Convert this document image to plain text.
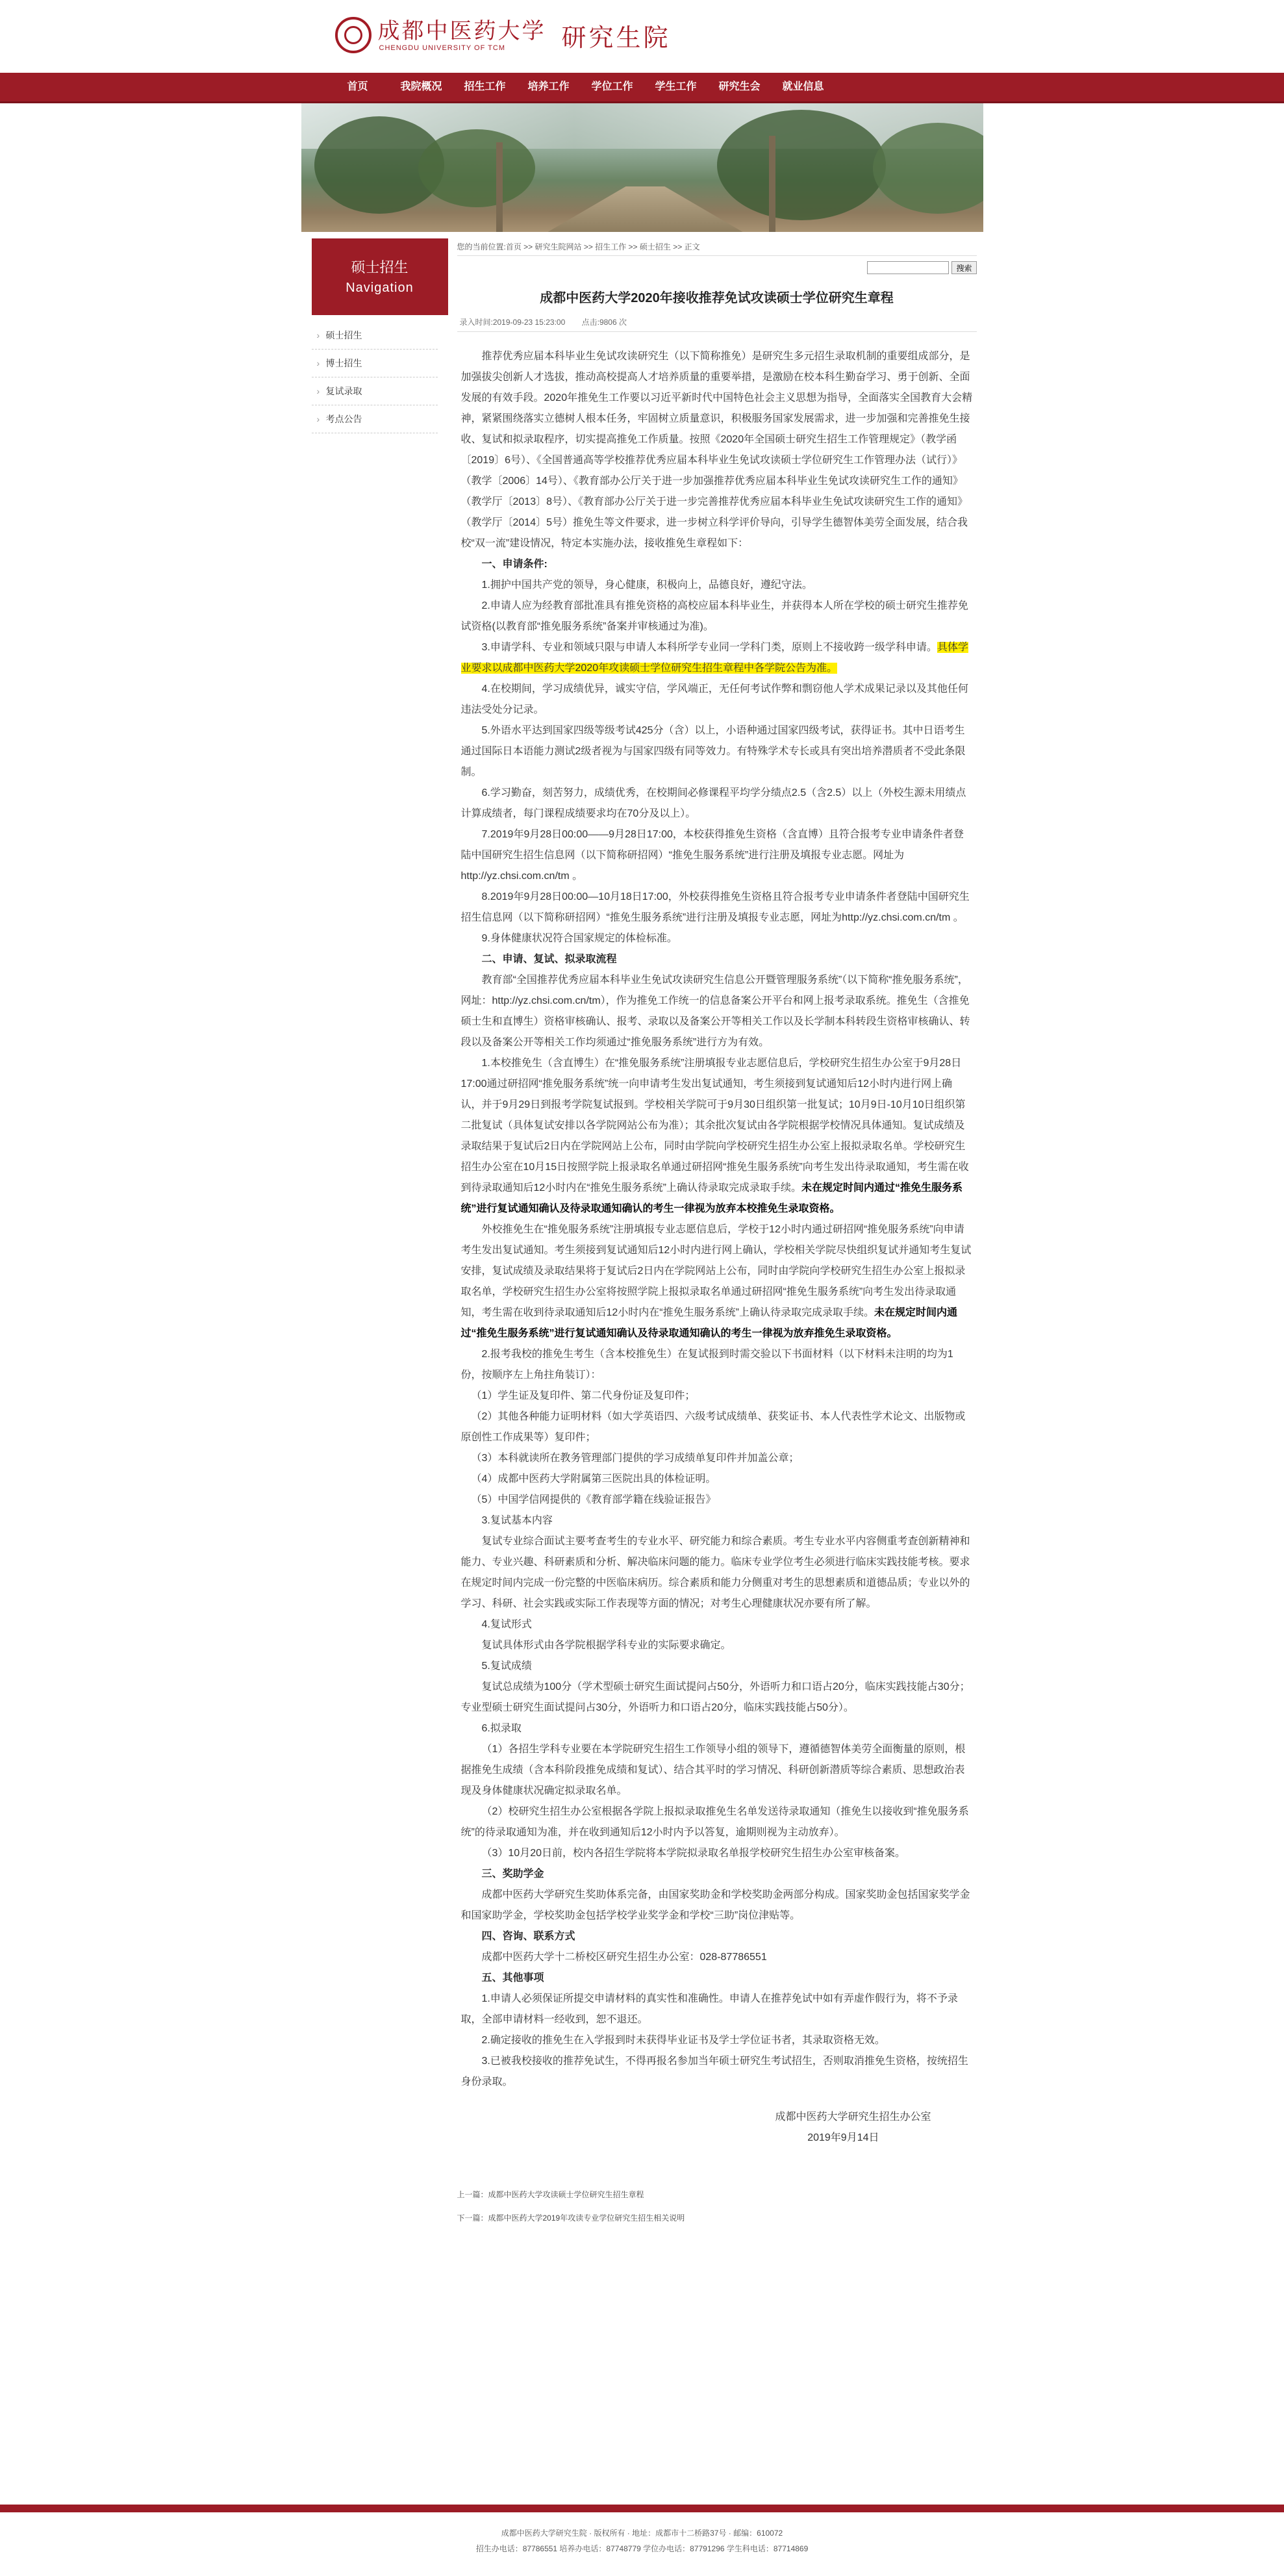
成都中医药大学
CHENGDU UNIVERSITY OF TCM	研究生院
首页	我院概况	招生工作	培养工作	学位工作	学生工作	研究生会	就业信息
硕士招生
Navigation
› 硕士招生
› 博士招生
› 复试录取
› 考点公告
您的当前位置:首页 >> 研究生院网站 >> 招生工作 >> 硕士招生 >> 正文
搜索
成都中医药大学2020年接收推荐免试攻读硕士学位研究生章程
录入时间:2019-09-23 15:23:00 点击:9806 次

推荐优秀应届本科毕业生免试攻读研究生（以下简称推免）是研究生多元招生录取机制的重要组成部分，是加强拔尖创新人才选拔，推动高校提高人才培养质量的重要举措，是激励在校本科生勤奋学习、勇于创新、全面发展的有效手段。2020年推免生工作要以习近平新时代中国特色社会主义思想为指导，全面落实全国教育大会精神，紧紧围绕落实立德树人根本任务，牢固树立质量意识，积极服务国家发展需求，进一步加强和完善推免生接收、复试和拟录取程序，切实提高推免工作质量。按照《2020年全国硕士研究生招生工作管理规定》（教学函〔2019〕6号）、《全国普通高等学校推荐优秀应届本科毕业生免试攻读硕士学位研究生工作管理办法（试行）》（教学〔2006〕14号）、《教育部办公厅关于进一步加强推荐优秀应届本科毕业生免试攻读研究生工作的通知》（教学厅〔2013〕8号）、《教育部办公厅关于进一步完善推荐优秀应届本科毕业生免试攻读研究生工作的通知》（教学厅〔2014〕5号）推免生等文件要求，进一步树立科学评价导向，引导学生德智体美劳全面发展，结合我校“双一流”建设情况，特定本实施办法，接收推免生章程如下：

一、申请条件:

1.拥护中国共产党的领导，身心健康，积极向上，品德良好，遵纪守法。

2.申请人应为经教育部批准具有推免资格的高校应届本科毕业生，并获得本人所在学校的硕士研究生推荐免试资格(以教育部“推免服务系统”备案并审核通过为准)。

3.申请学科、专业和领域只限与申请人本科所学专业同一学科门类，原则上不接收跨一级学科申请。具体学业要求以成都中医药大学2020年攻读硕士学位研究生招生章程中各学院公告为准。

4.在校期间，学习成绩优异，诚实守信，学风端正，无任何考试作弊和剽窃他人学术成果记录以及其他任何违法受处分记录。

5.外语水平达到国家四级等级考试425分（含）以上，小语种通过国家四级考试，获得证书。其中日语考生通过国际日本语能力测试2级者视为与国家四级有同等效力。有特殊学术专长或具有突出培养潜质者不受此条限制。

6.学习勤奋，刻苦努力，成绩优秀，在校期间必修课程平均学分绩点2.5（含2.5）以上（外校生源未用绩点计算成绩者，每门课程成绩要求均在70分及以上）。

7.2019年9月28日00:00——9月28日17:00，本校获得推免生资格（含直博）且符合报考专业申请条件者登陆中国研究生招生信息网（以下简称研招网）“推免生服务系统”进行注册及填报专业志愿。网址为http://yz.chsi.com.cn/tm 。

8.2019年9月28日00:00—10月18日17:00，外校获得推免生资格且符合报考专业申请条件者登陆中国研究生招生信息网（以下简称研招网）“推免生服务系统”进行注册及填报专业志愿，网址为http://yz.chsi.com.cn/tm 。

9.身体健康状况符合国家规定的体检标准。

二、申请、复试、拟录取流程

教育部“全国推荐优秀应届本科毕业生免试攻读研究生信息公开暨管理服务系统”（以下简称“推免服务系统”，网址：http://yz.chsi.com.cn/tm），作为推免工作统一的信息备案公开平台和网上报考录取系统。推免生（含推免硕士生和直博生）资格审核确认、报考、录取以及备案公开等相关工作以及长学制本科转段生资格审核确认、转段以及备案公开等相关工作均须通过“推免服务系统”进行方为有效。

1.本校推免生（含直博生）在“推免服务系统”注册填报专业志愿信息后，学校研究生招生办公室于9月28日17:00通过研招网“推免服务系统”统一向申请考生发出复试通知，考生须接到复试通知后12小时内进行网上确认，并于9月29日到报考学院复试报到。学校相关学院可于9月30日组织第一批复试；10月9日-10月10日组织第二批复试（具体复试安排以各学院网站公布为准）；其余批次复试由各学院根据学校情况具体通知。复试成绩及录取结果于复试后2日内在学院网站上公布，同时由学院向学校研究生招生办公室上报拟录取名单。学校研究生招生办公室在10月15日按照学院上报录取名单通过研招网“推免生服务系统”向考生发出待录取通知，考生需在收到待录取通知后12小时内在“推免生服务系统”上确认待录取完成录取手续。未在规定时间内通过“推免生服务系统”进行复试通知确认及待录取通知确认的考生一律视为放弃本校推免生录取资格。

外校推免生在“推免服务系统”注册填报专业志愿信息后，学校于12小时内通过研招网“推免服务系统”向申请考生发出复试通知。考生须接到复试通知后12小时内进行网上确认，学校相关学院尽快组织复试并通知考生复试安排，复试成绩及录取结果将于复试后2日内在学院网站上公布，同时由学院向学校研究生招生办公室上报拟录取名单，学校研究生招生办公室将按照学院上报拟录取名单通过研招网“推免生服务系统”向考生发出待录取通知，考生需在收到待录取通知后12小时内在“推免生服务系统”上确认待录取完成录取手续。未在规定时间内通过“推免生服务系统”进行复试通知确认及待录取通知确认的考生一律视为放弃推免生录取资格。

2.报考我校的推免生考生（含本校推免生）在复试报到时需交验以下书面材料（以下材料未注明的均为1份，按顺序左上角拄角装订）：

（1）学生证及复印件、第二代身份证及复印件；

（2）其他各种能力证明材料（如大学英语四、六级考试成绩单、获奖证书、本人代表性学术论文、出版物或原创性工作成果等）复印件；

（3）本科就读所在教务管理部门提供的学习成绩单复印件并加盖公章；

（4）成都中医药大学附属第三医院出具的体检证明。

（5）中国学信网提供的《教育部学籍在线验证报告》

3.复试基本内容

复试专业综合面试主要考查考生的专业水平、研究能力和综合素质。考生专业水平内容侧重考查创新精神和能力、专业兴趣、科研素质和分析、解决临床问题的能力。临床专业学位考生必须进行临床实践技能考核。要求在规定时间内完成一份完整的中医临床病历。综合素质和能力分侧重对考生的思想素质和道德品质；专业以外的学习、科研、社会实践或实际工作表现等方面的情况；对考生心理健康状况亦要有所了解。

4.复试形式

复试具体形式由各学院根据学科专业的实际要求确定。

5.复试成绩

复试总成绩为100分（学术型硕士研究生面试提问占50分，外语听力和口语占20分，临床实践技能占30分；专业型硕士研究生面试提问占30分，外语听力和口语占20分，临床实践技能占50分）。

6.拟录取

（1）各招生学科专业要在本学院研究生招生工作领导小组的领导下，遵循德智体美劳全面衡量的原则，根据推免生成绩（含本科阶段推免成绩和复试）、结合其平时的学习情况、科研创新潜质等综合素质、思想政治表现及身体健康状况确定拟录取名单。

（2）校研究生招生办公室根据各学院上报拟录取推免生名单发送待录取通知（推免生以接收到“推免服务系统”的待录取通知为准，并在收到通知后12小时内予以答复，逾期则视为主动放弃）。

（3）10月20日前，校内各招生学院将本学院拟录取名单报学校研究生招生办公室审核备案。

三、奖助学金

成都中医药大学研究生奖助体系完备，由国家奖助金和学校奖助金两部分构成。国家奖助金包括国家奖学金和国家助学金，学校奖助金包括学校学业奖学金和学校“三助”岗位津贴等。

四、咨询、联系方式

成都中医药大学十二桥校区研究生招生办公室：028-87786551

五、其他事项

1.申请人必须保证所提交申请材料的真实性和准确性。申请人在推荐免试中如有弄虚作假行为，将不予录取，全部申请材料一经收到，恕不退还。

2.确定接收的推免生在入学报到时未获得毕业证书及学士学位证书者，其录取资格无效。

3.已被我校接收的推荐免试生，不得再报名参加当年硕士研究生考试招生，否则取消推免生资格，按统招生身份录取。

成都中医药大学研究生招生办公室

2019年9月14日

上一篇：成都中医药大学攻读硕士学位研究生招生章程
下一篇：成都中医药大学2019年攻读专业学位研究生招生相关说明
成都中医药大学研究生院 · 版权所有 · 地址：成都市十二桥路37号 · 邮编：610072
招生办电话：87786551 培养办电话：87748779 学位办电话：87791296 学生科电话：87714869
